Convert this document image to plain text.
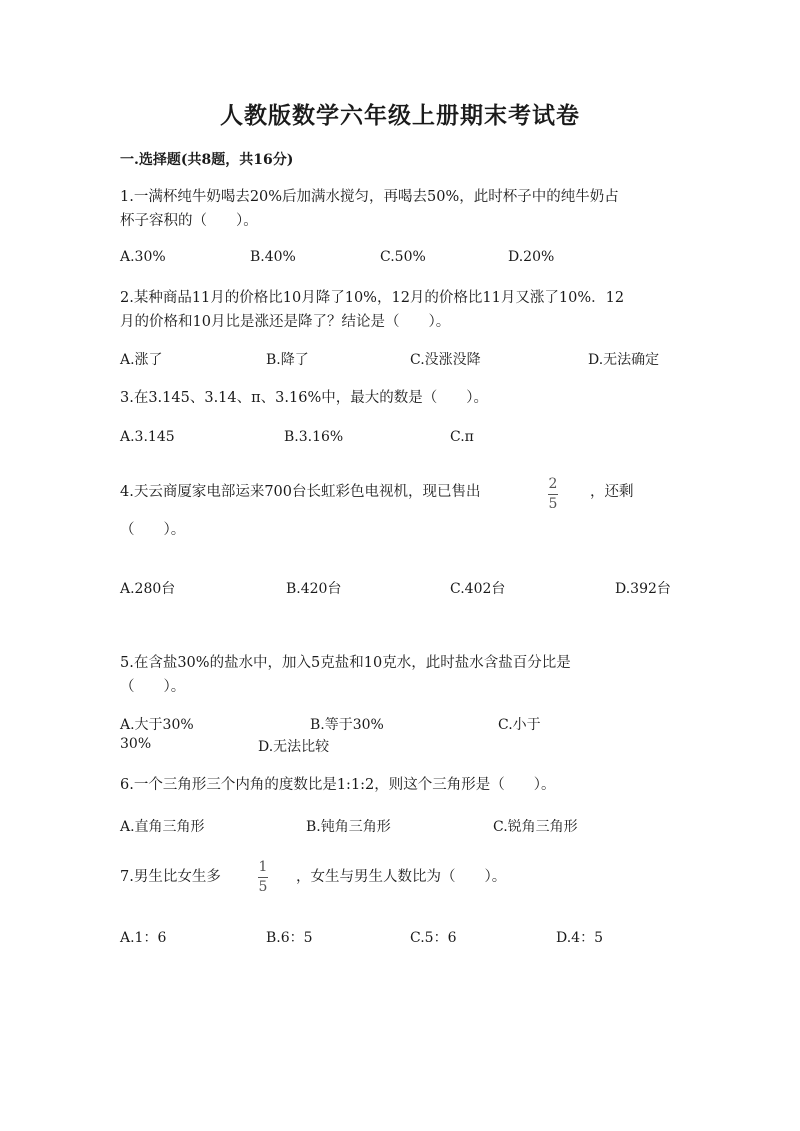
人教版数学六年级上册期末考试卷
一.选择题(共8题，共16分)
1.一满杯纯牛奶喝去20%后加满水搅匀，再喝去50%，此时杯子中的纯牛奶占
杯子容积的（　　）。
A.30%	B.40%	C.50%	D.20%
2.某种商品11月的价格比10月降了10%，12月的价格比11月又涨了10%．12
月的价格和10月比是涨还是降了？结论是（　　）。
A.涨了	B.降了	C.没涨没降	D.无法确定
3.在3.145、3.14、π、3.16%中，最大的数是（　　）。
A.3.145	B.3.16%	C.π
4.天云商厦家电部运来700台长虹彩色电视机，现已售出	2
5
，还剩
（　　）。
A.280台	B.420台	C.402台	D.392台
5.在含盐30%的盐水中，加入5克盐和10克水，此时盐水含盐百分比是
（　　）。
A.大于30%	B.等于30%	C.小于
30%	D.无法比较
6.一个三角形三个内角的度数比是1:1:2，则这个三角形是（　　）。
A.直角三角形	B.钝角三角形	C.锐角三角形
7.男生比女生多
1
5
，女生与男生人数比为（　　）。
A.1：6	B.6：5	C.5：6	D.4：5
